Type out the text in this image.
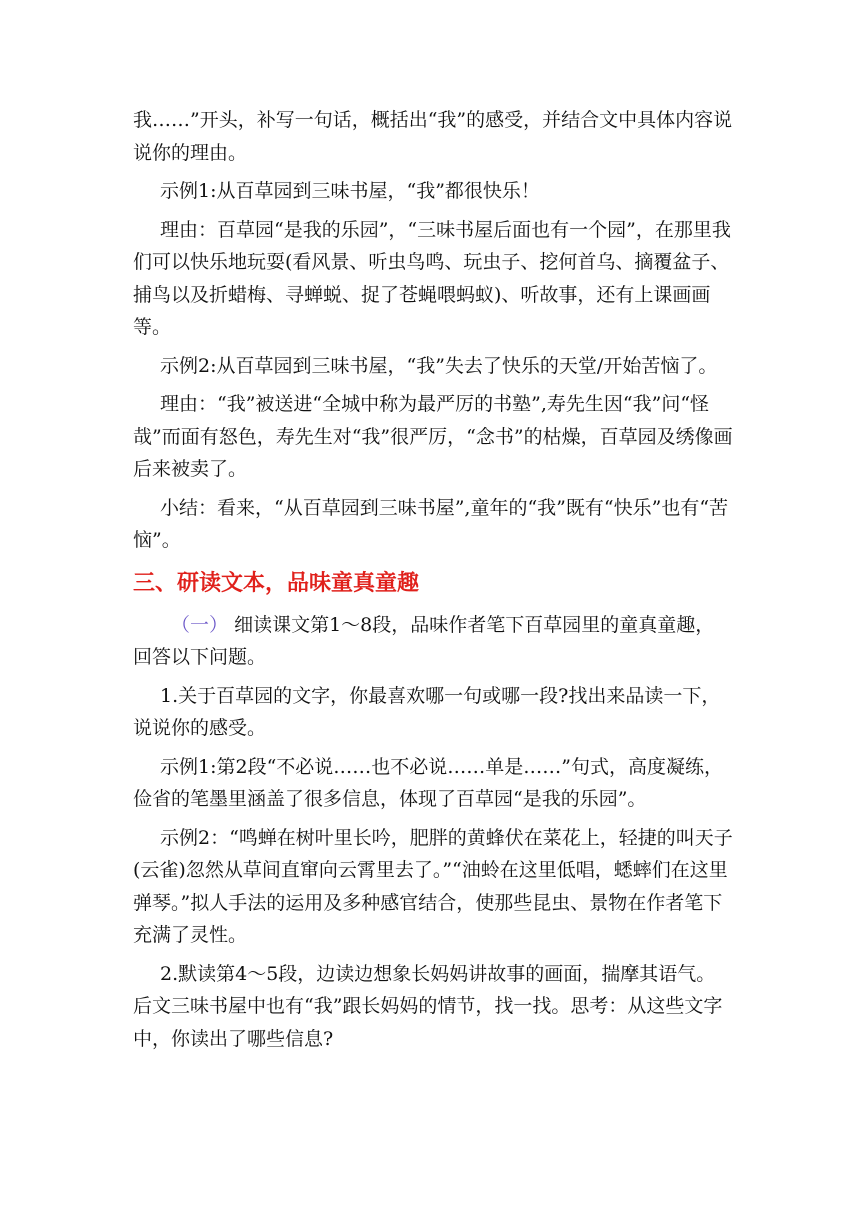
我……”开头，补写一句话，概括出“我”的感受，并结合文中具体内容说说你的理由。

示例1:从百草园到三味书屋，“我”都很快乐！

理由：百草园“是我的乐园”，“三味书屋后面也有一个园”，在那里我们可以快乐地玩耍(看风景、听虫鸟鸣、玩虫子、挖何首乌、摘覆盆子、捕鸟以及折蜡梅、寻蝉蜕、捉了苍蝇喂蚂蚁)、听故事，还有上课画画等。

示例2:从百草园到三味书屋，“我”失去了快乐的天堂/开始苦恼了。

理由：“我”被送进“全城中称为最严厉的书塾”,寿先生因“我”问“怪哉”而面有怒色，寿先生对“我”很严厉，“念书”的枯燥，百草园及绣像画后来被卖了。

小结：看来，“从百草园到三味书屋”,童年的“我”既有“快乐”也有“苦恼”。

三、研读文本，品味童真童趣

（一） 细读课文第1～8段，品味作者笔下百草园里的童真童趣，回答以下问题。

1.关于百草园的文字，你最喜欢哪一句或哪一段?找出来品读一下，说说你的感受。

示例1:第2段“不必说……也不必说……单是……”句式，高度凝练，俭省的笔墨里涵盖了很多信息，体现了百草园“是我的乐园”。

示例2：“鸣蝉在树叶里长吟，肥胖的黄蜂伏在菜花上，轻捷的叫天子(云雀)忽然从草间直窜向云霄里去了。”“油蛉在这里低唱，蟋蟀们在这里弹琴。”拟人手法的运用及多种感官结合，使那些昆虫、景物在作者笔下充满了灵性。

2.默读第4～5段，边读边想象长妈妈讲故事的画面，揣摩其语气。后文三味书屋中也有“我”跟长妈妈的情节，找一找。思考：从这些文字中，你读出了哪些信息?
